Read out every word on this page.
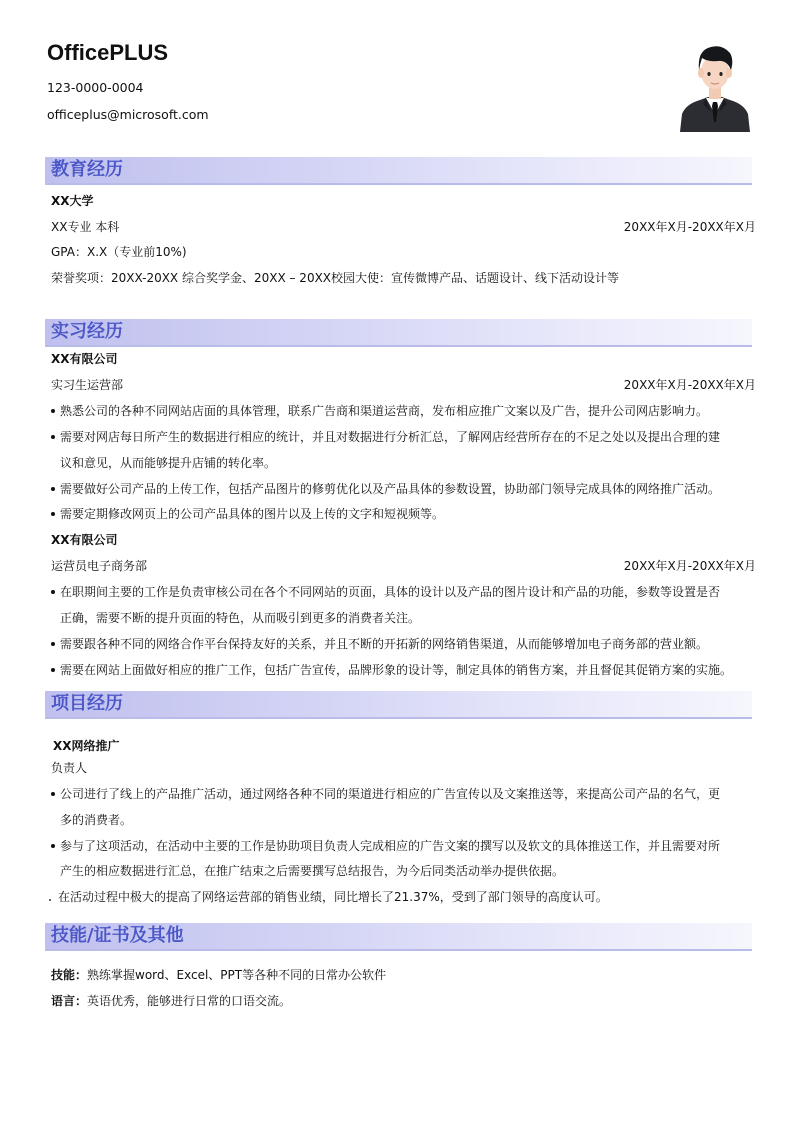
OfficePLUS
123-0000-0004
officeplus@microsoft.com
教育经历
XX大学
XX专业 本科	20XX年X月-20XX年X月
GPA：X.X（专业前10%)
荣誉奖项：20XX-20XX 综合奖学金、20XX – 20XX校园大使：宣传微博产品、话题设计、线下活动设计等
实习经历
XX有限公司
实习生运营部	20XX年X月-20XX年X月
熟悉公司的各种不同网站店面的具体管理，联系广告商和渠道运营商，发布相应推广文案以及广告，提升公司网店影响力。
需要对网店每日所产生的数据进行相应的统计，并且对数据进行分析汇总，了解网店经营所存在的不足之处以及提出合理的建
议和意见，从而能够提升店铺的转化率。
需要做好公司产品的上传工作，包括产品图片的修剪优化以及产品具体的参数设置，协助部门领导完成具体的网络推广活动。
需要定期修改网页上的公司产品具体的图片以及上传的文字和短视频等。
XX有限公司
运营员电子商务部	20XX年X月-20XX年X月
在职期间主要的工作是负责审核公司在各个不同网站的页面，具体的设计以及产品的图片设计和产品的功能，参数等设置是否
正确，需要不断的提升页面的特色，从而吸引到更多的消费者关注。
需要跟各种不同的网络合作平台保持友好的关系，并且不断的开拓新的网络销售渠道，从而能够增加电子商务部的营业额。
需要在网站上面做好相应的推广工作，包括广告宣传，品牌形象的设计等，制定具体的销售方案，并且督促其促销方案的实施。
项目经历
XX网络推广
负责人
公司进行了线上的产品推广活动，通过网络各种不同的渠道进行相应的广告宣传以及文案推送等，来提高公司产品的名气，更
多的消费者。
参与了这项活动，在活动中主要的工作是协助项目负责人完成相应的广告文案的撰写以及软文的具体推送工作，并且需要对所
产生的相应数据进行汇总，在推广结束之后需要撰写总结报告，为今后同类活动举办提供依据。
在活动过程中极大的提高了网络运营部的销售业绩，同比增长了21.37%，受到了部门领导的高度认可。
技能/证书及其他
技能：熟练掌握word、Excel、PPT等各种不同的日常办公软件
语言：英语优秀，能够进行日常的口语交流。
